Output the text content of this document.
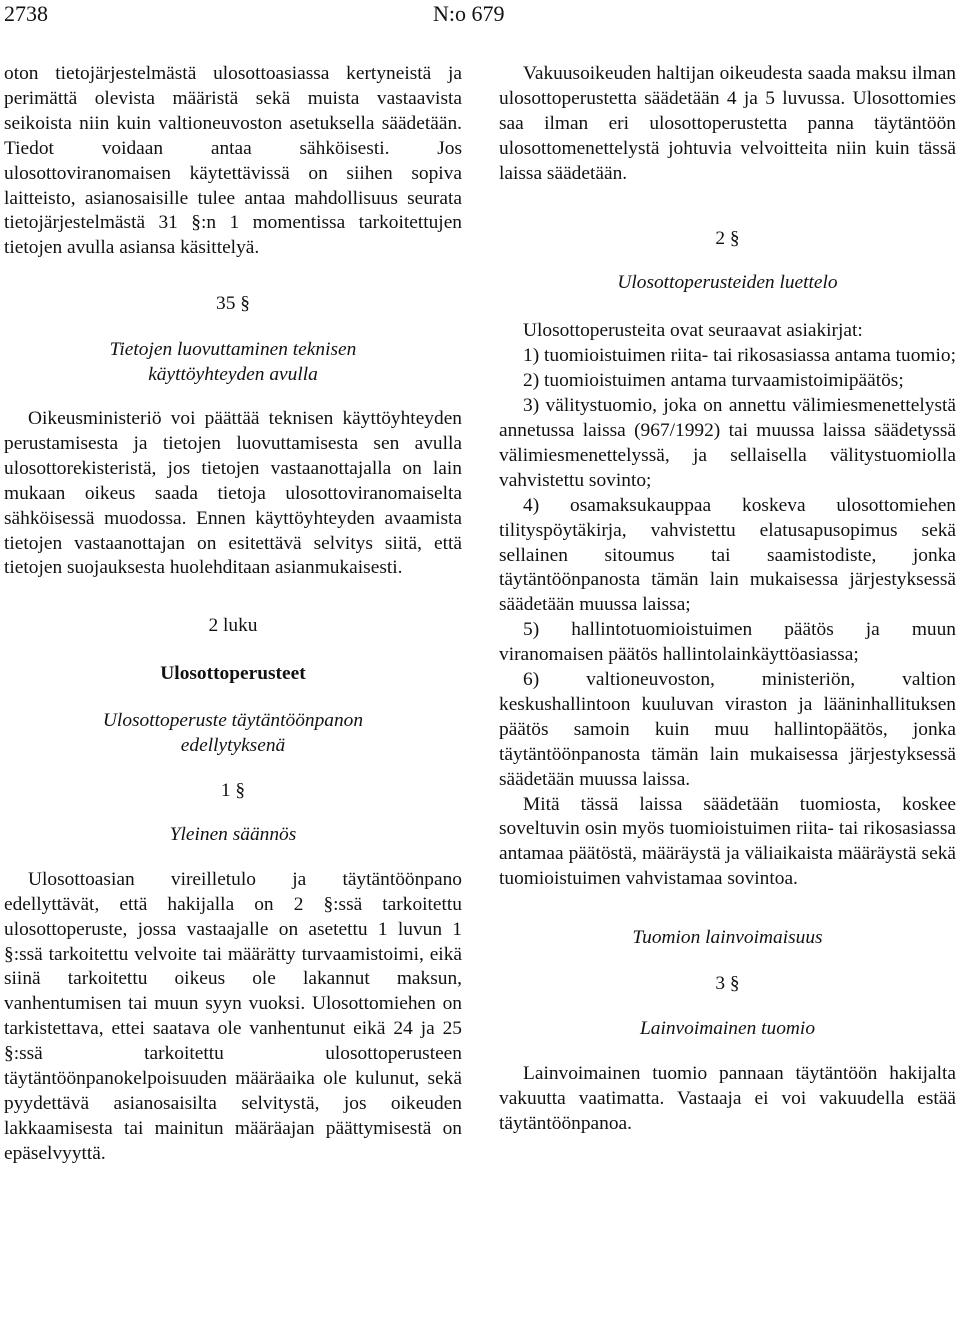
2738	N:o 679

oton tietojärjestelmästä ulosottoasiassa kertyneistä ja perimättä olevista määristä sekä muista vastaavista seikoista niin kuin valtioneuvoston asetuksella säädetään. Tiedot voidaan antaa sähköisesti. Jos ulosottoviranomaisen käytettävissä on siihen sopiva laitteisto, asianosaisille tulee antaa mahdollisuus seurata tietojärjestelmästä 31 §:n 1 momentissa tarkoitettujen tietojen avulla asiansa käsittelyä.

35 §
Tietojen luovuttaminen teknisen käyttöyhteyden avulla

Oikeusministeriö voi päättää teknisen käyttöyhteyden perustamisesta ja tietojen luovuttamisesta sen avulla ulosottorekisteristä, jos tietojen vastaanottajalla on lain mukaan oikeus saada tietoja ulosottoviranomaiselta sähköisessä muodossa. Ennen käyttöyhteyden avaamista tietojen vastaanottajan on esitettävä selvitys siitä, että tietojen suojauksesta huolehditaan asianmukaisesti.

2 luku
Ulosottoperusteet
Ulosottoperuste täytäntöönpanon edellytyksenä
1 §
Yleinen säännös

Ulosottoasian vireilletulo ja täytäntöönpano edellyttävät, että hakijalla on 2 §:ssä tarkoitettu ulosottoperuste, jossa vastaajalle on asetettu 1 luvun 1 §:ssä tarkoitettu velvoite tai määrätty turvaamistoimi, eikä siinä tarkoitettu oikeus ole lakannut maksun, vanhentumisen tai muun syyn vuoksi. Ulosottomiehen on tarkistettava, ettei saatava ole vanhentunut eikä 24 ja 25 §:ssä tarkoitettu ulosottoperusteen täytäntöönpanokelpoisuuden määräaika ole kulunut, sekä pyydettävä asianosaisilta selvitystä, jos oikeuden lakkaamisesta tai mainitun määräajan päättymisestä on epäselvyyttä.

Vakuusoikeuden haltijan oikeudesta saada maksu ilman ulosottoperustetta säädetään 4 ja 5 luvussa. Ulosottomies saa ilman eri ulosottoperustetta panna täytäntöön ulosottomenettelystä johtuvia velvoitteita niin kuin tässä laissa säädetään.

2 §
Ulosottoperusteiden luettelo

Ulosottoperusteita ovat seuraavat asiakirjat:

1) tuomioistuimen riita- tai rikosasiassa antama tuomio;

2) tuomioistuimen antama turvaamistoimipäätös;

3) välitystuomio, joka on annettu välimiesmenettelystä annetussa laissa (967/1992) tai muussa laissa säädetyssä välimiesmenettelyssä, ja sellaisella välitystuomiolla vahvistettu sovinto;

4) osamaksukauppaa koskeva ulosottomiehen tilityspöytäkirja, vahvistettu elatusapusopimus sekä sellainen sitoumus tai saamistodiste, jonka täytäntöönpanosta tämän lain mukaisessa järjestyksessä säädetään muussa laissa;

5) hallintotuomioistuimen päätös ja muun viranomaisen päätös hallintolainkäyttöasiassa;

6) valtioneuvoston, ministeriön, valtion keskushallintoon kuuluvan viraston ja lääninhallituksen päätös samoin kuin muu hallintopäätös, jonka täytäntöönpanosta tämän lain mukaisessa järjestyksessä säädetään muussa laissa.

Mitä tässä laissa säädetään tuomiosta, koskee soveltuvin osin myös tuomioistuimen riita- tai rikosasiassa antamaa päätöstä, määräystä ja väliaikaista määräystä sekä tuomioistuimen vahvistamaa sovintoa.

Tuomion lainvoimaisuus
3 §
Lainvoimainen tuomio

Lainvoimainen tuomio pannaan täytäntöön hakijalta vakuutta vaatimatta. Vastaaja ei voi vakuudella estää täytäntöönpanoa.
